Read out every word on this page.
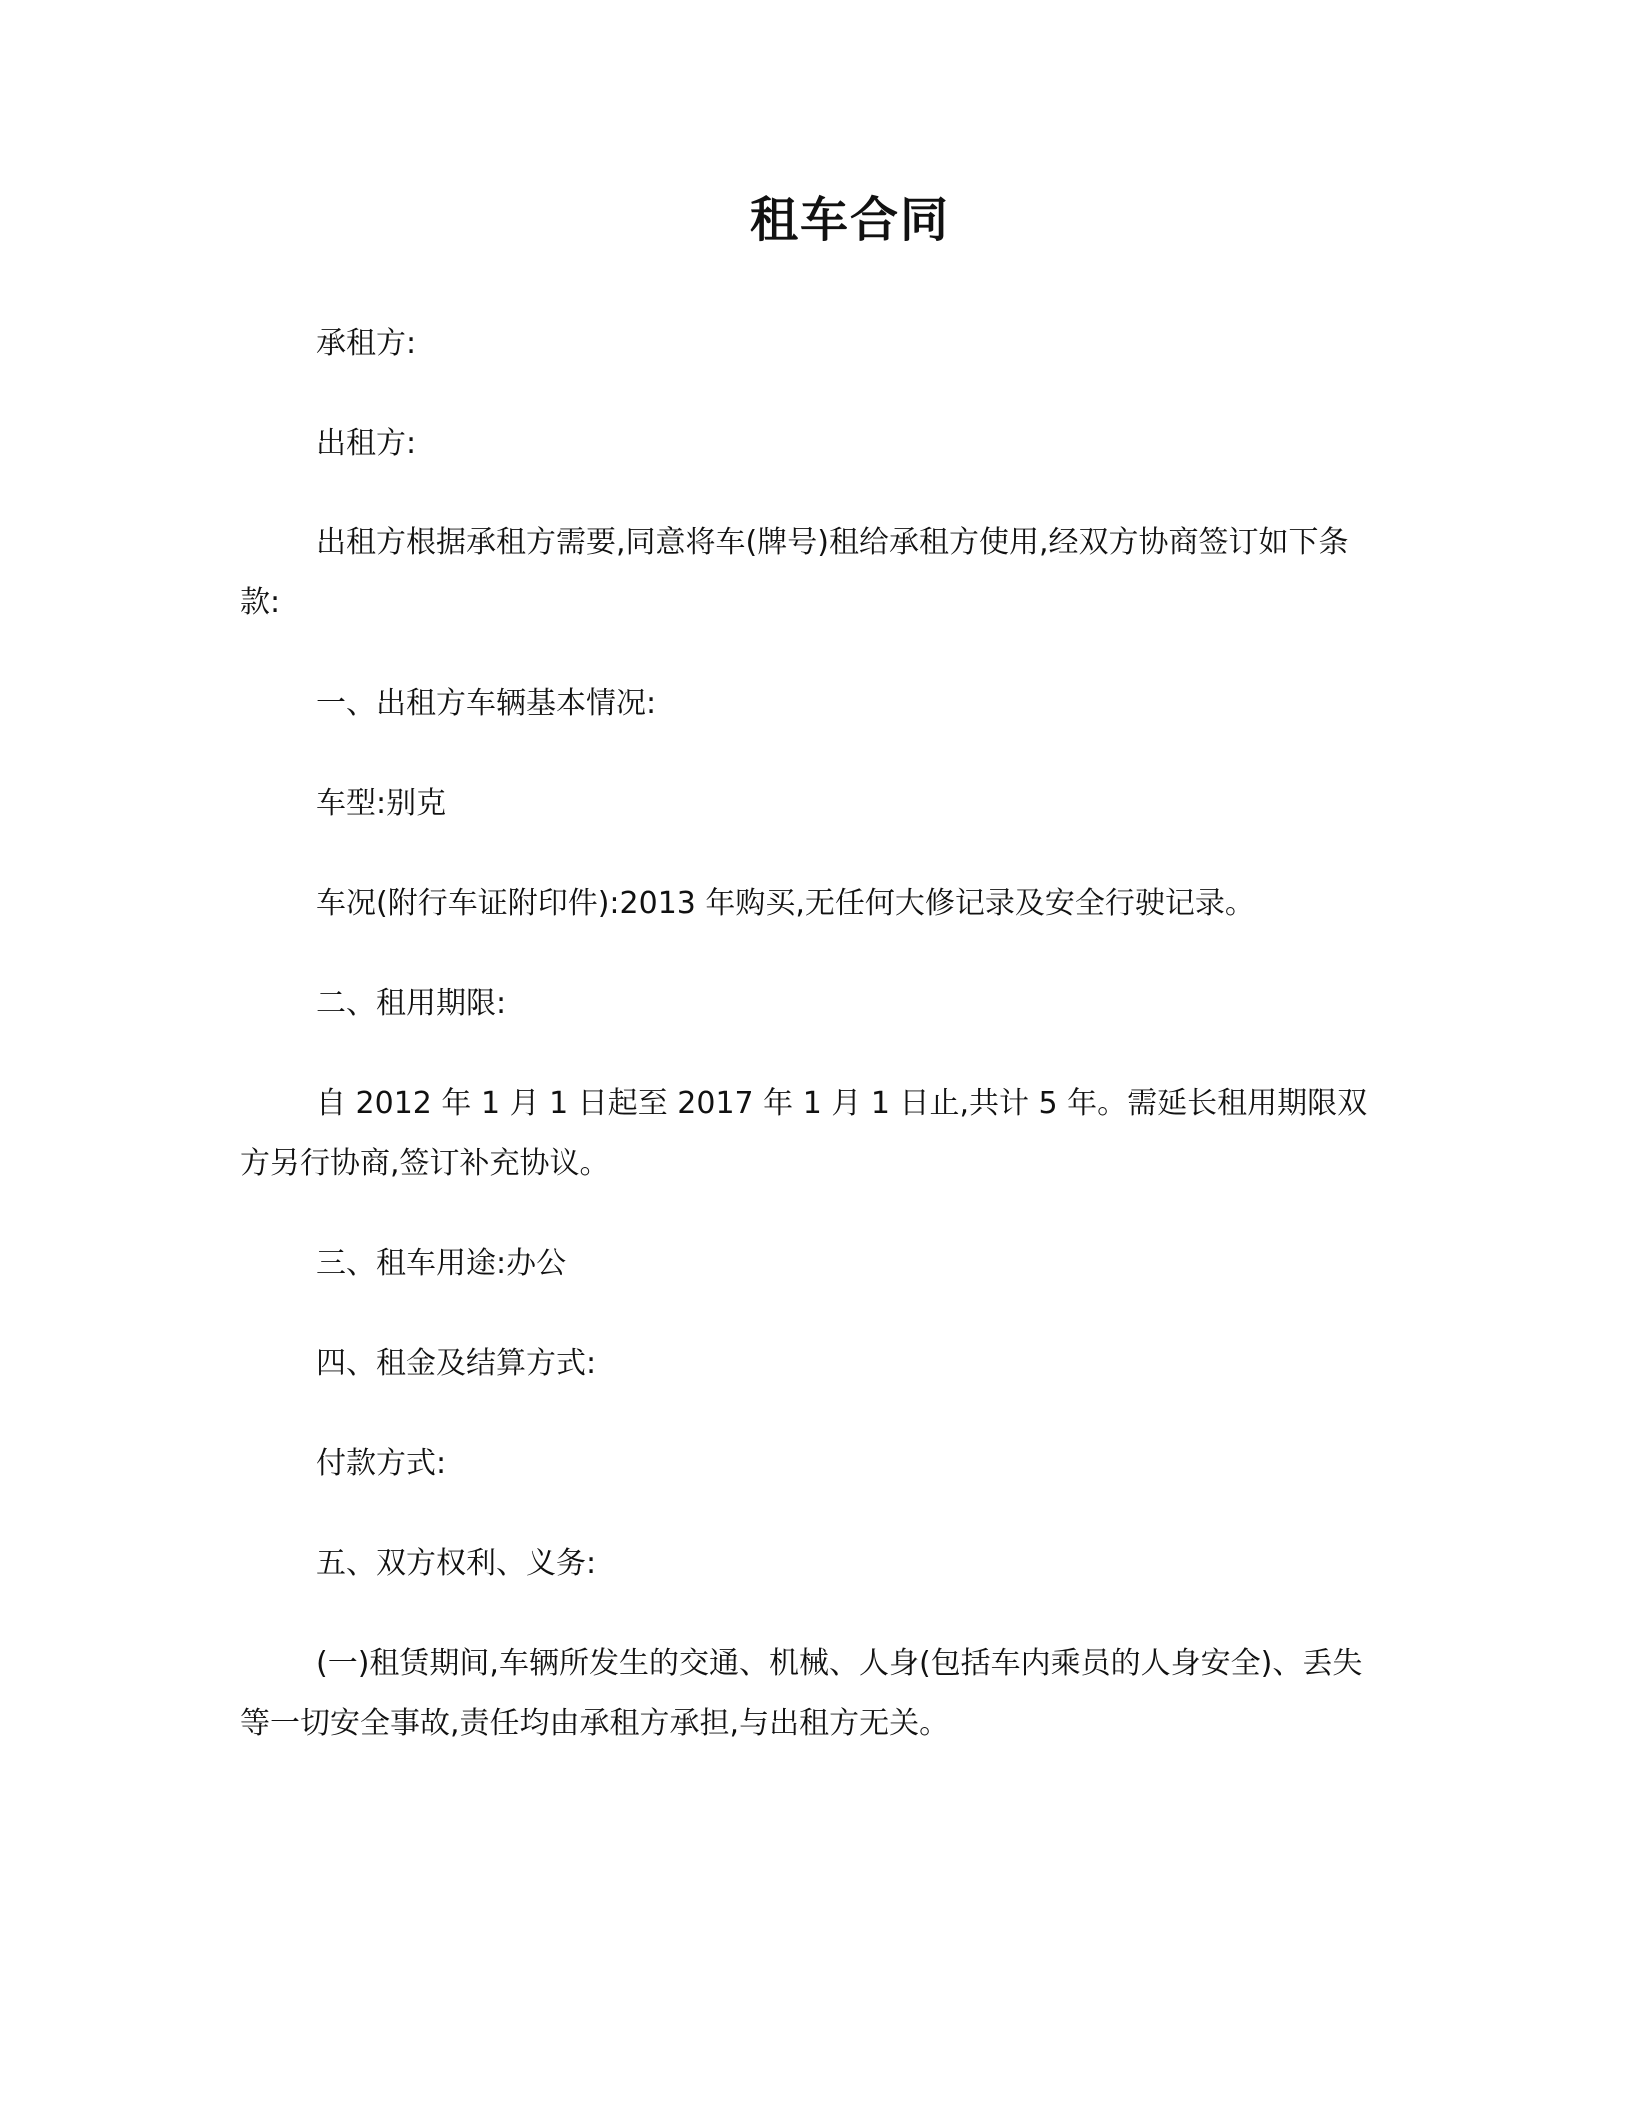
租车合同

承租方:

出租方:

出租方根据承租方需要,同意将车(牌号)租给承租方使用,经双方协商签订如下条款:

一、出租方车辆基本情况:

车型:别克

车况(附行车证附印件):2013 年购买,无任何大修记录及安全行驶记录。

二、租用期限:

自 2012 年 1 月 1 日起至 2017 年 1 月 1 日止,共计 5 年。需延长租用期限双方另行协商,签订补充协议。

三、租车用途:办公

四、租金及结算方式:

付款方式:

五、双方权利、义务:

(一)租赁期间,车辆所发生的交通、机械、人身(包括车内乘员的人身安全)、丢失等一切安全事故,责任均由承租方承担,与出租方无关。
